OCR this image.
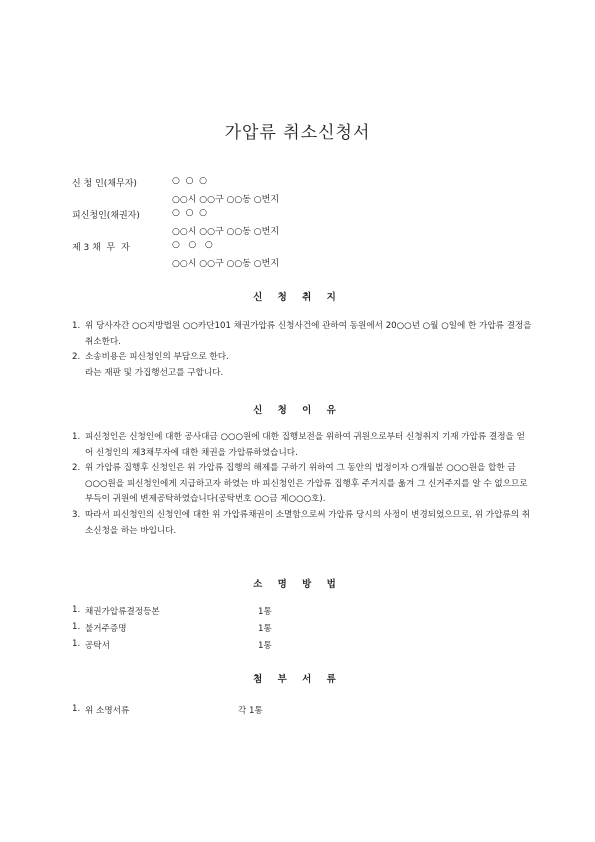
가압류 취소신청서
신 청 인(채무자)	○  ○  ○
○○시 ○○구 ○○동 ○번지
피신청인(채권자)	○  ○  ○
○○시 ○○구 ○○동 ○번지
제 3 채  무  자	○   ○   ○
○○시 ○○구 ○○동 ○번지
신 청 취 지
1. 위 당사자간 ○○지방법원 ○○카단101 채권가압류 신청사건에 관하여 동원에서 20○○년 ○월 ○일에 한 가압류 결정을 취소한다.
2. 소송비용은 피신청인의 부담으로 한다.
라는 재판 및 가집행선고를 구합니다.
신 청 이 유
1. 피신청인은 신청인에 대한 공사대금 ○○○원에 대한 집행보전을 위하여 귀원으로부터 신청취지 기재 가압류 결정을 얻어 신청인의 제3채무자에 대한 채권을 가압류하였습니다.
2. 위 가압류 집행후 신청인은 위 가압류 집행의 해제를 구하기 위하여 그 동안의 법정이자 ○개월분 ○○○원을 합한 금 ○○○원을 피신청인에게 지급하고자 하였는 바 피신청인은 가압류 집행후 주거지를 옮겨 그 신거주지를 알 수 없으므로 부득이 귀원에 변제공탁하였습니다(공탁번호 ○○금 제○○○호).
3. 따라서 피신청인의 신청인에 대한 위 가압류채권이 소멸함으로써 가압류 당시의 사정이 변경되었으므로, 위 가압류의 취소신청을 하는 바입니다.
소 명 방 법
1. 채권가압류결정등본	1통
1. 불거주증명	1통
1. 공탁서	1통
첨 부 서 류
1. 위 소명서류	각 1통
